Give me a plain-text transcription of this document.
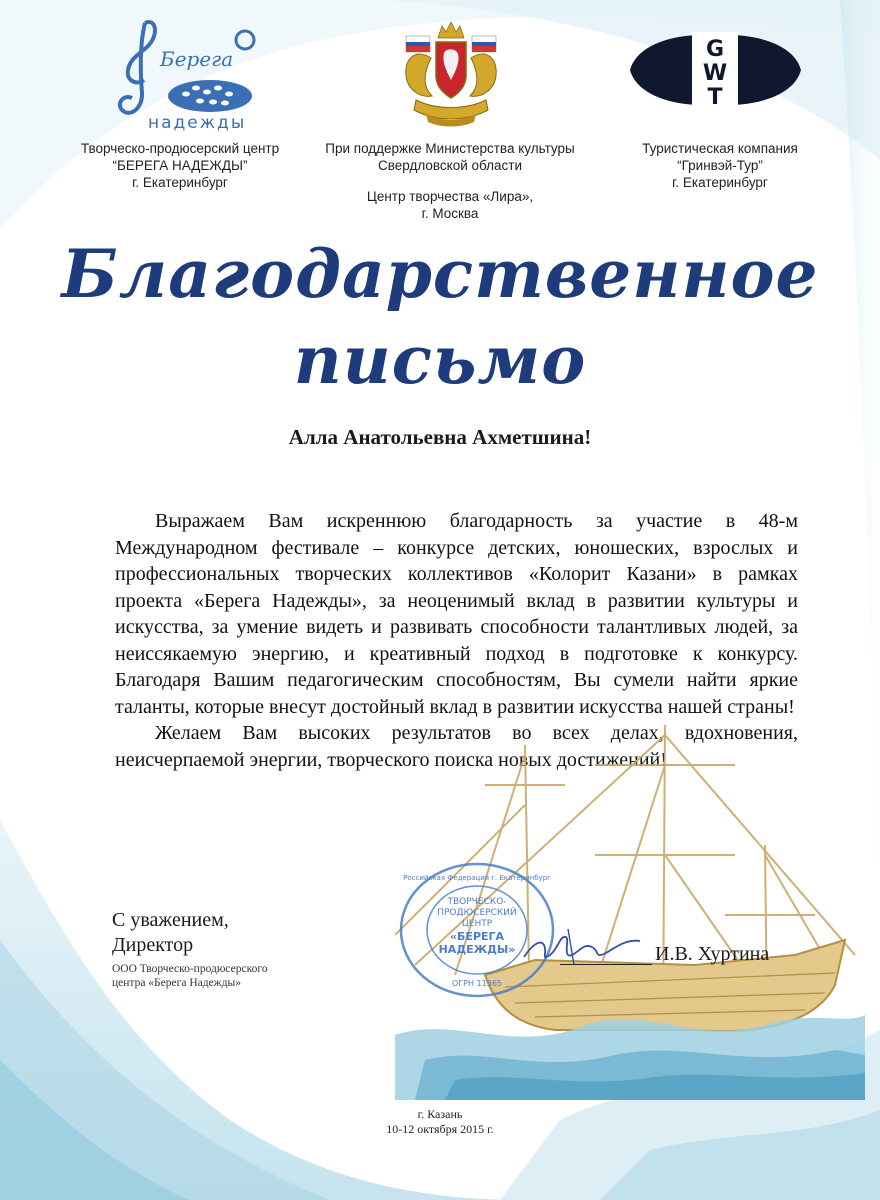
Берега
надежды
G
W
T
Творческо-продюсерский центр
“БЕРЕГА НАДЕЖДЫ”
г. Екатеринбург
При поддержке Министерства культуры
Свердловской области
Центр творчества «Лира»,
г. Москва
Туристическая компания
“Гринвэй-Тур”
г. Екатеринбург
Благодарственное
письмо
Алла Анатольевна Ахметшина!

Выражаем Вам искреннюю благодарность за участие в 48-м Международном фестивале – конкурсе детских, юношеских, взрослых и профессиональных творческих коллективов «Колорит Казани» в рамках проекта «Берега Надежды», за неоценимый вклад в развитии культуры и искусства, за умение видеть и развивать способности талантливых людей, за неиссякаемую энергию, и креативный подход в подготовке к конкурсу. Благодаря Вашим педагогическим способностям, Вы сумели найти яркие таланты, которые внесут достойный вклад в развитии искусства нашей страны!

Желаем Вам высоких результатов во всех делах, вдохновения, неисчерпаемой энергии, творческого поиска новых достижений!

Российская Федерация г. Екатеринбург
ТВОРЧЕСКО-
ПРОДЮСЕРСКИЙ
ЦЕНТР
«БЕРЕГА
НАДЕЖДЫ»
ОГРН 11365
С уважением,
Директор
ООО Творческо-продюсерского
центра «Берега Надежды»
И.В. Хуртина
г. Казань
10-12 октября 2015 г.
